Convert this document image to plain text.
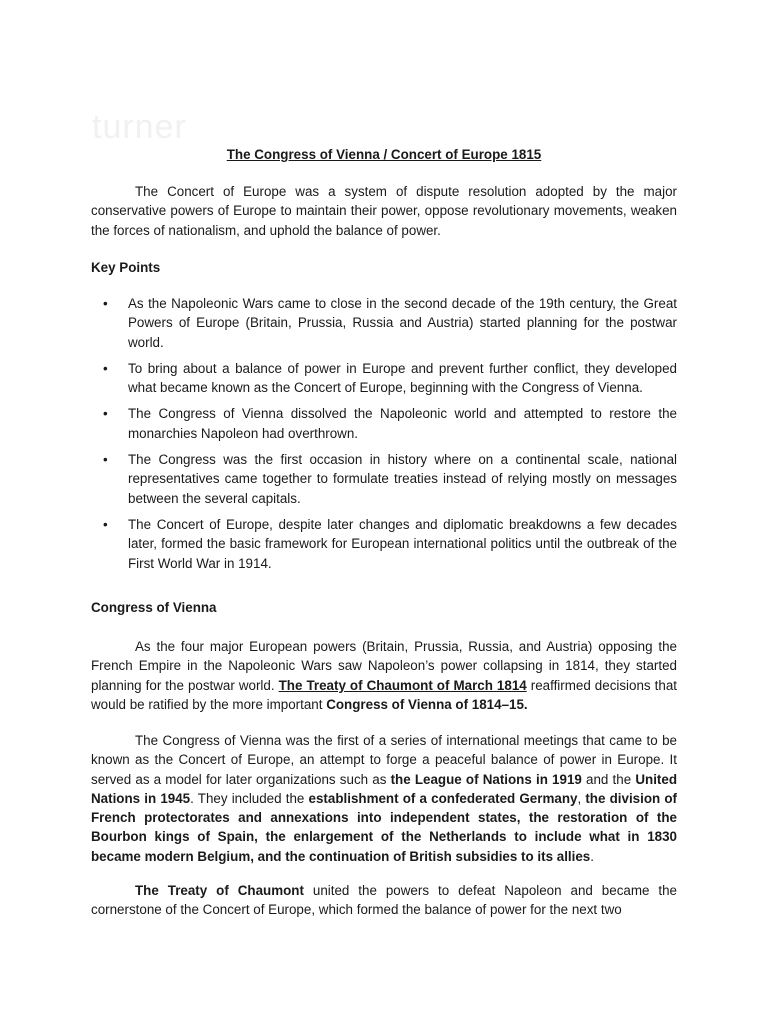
turner
The Congress of Vienna / Concert of Europe 1815
The Concert of Europe was a system of dispute resolution adopted by the major conservative powers of Europe to maintain their power, oppose revolutionary movements, weaken the forces of nationalism, and uphold the balance of power.
Key Points
• As the Napoleonic Wars came to close in the second decade of the 19th century, the Great Powers of Europe (Britain, Prussia, Russia and Austria) started planning for the postwar world.
• To bring about a balance of power in Europe and prevent further conflict, they developed what became known as the Concert of Europe, beginning with the Congress of Vienna.
• The Congress of Vienna dissolved the Napoleonic world and attempted to restore the monarchies Napoleon had overthrown.
• The Congress was the first occasion in history where on a continental scale, national representatives came together to formulate treaties instead of relying mostly on messages between the several capitals.
• The Concert of Europe, despite later changes and diplomatic breakdowns a few decades later, formed the basic framework for European international politics until the outbreak of the First World War in 1914.
Congress of Vienna
As the four major European powers (Britain, Prussia, Russia, and Austria) opposing the French Empire in the Napoleonic Wars saw Napoleon’s power collapsing in 1814, they started planning for the postwar world. The Treaty of Chaumont of March 1814 reaffirmed decisions that would be ratified by the more important Congress of Vienna of 1814–15.
The Congress of Vienna was the first of a series of international meetings that came to be known as the Concert of Europe, an attempt to forge a peaceful balance of power in Europe. It served as a model for later organizations such as the League of Nations in 1919 and the United Nations in 1945. They included the establishment of a confederated Germany, the division of French protectorates and annexations into independent states, the restoration of the Bourbon kings of Spain, the enlargement of the Netherlands to include what in 1830 became modern Belgium, and the continuation of British subsidies to its allies.
The Treaty of Chaumont united the powers to defeat Napoleon and became the cornerstone of the Concert of Europe, which formed the balance of power for the next two
